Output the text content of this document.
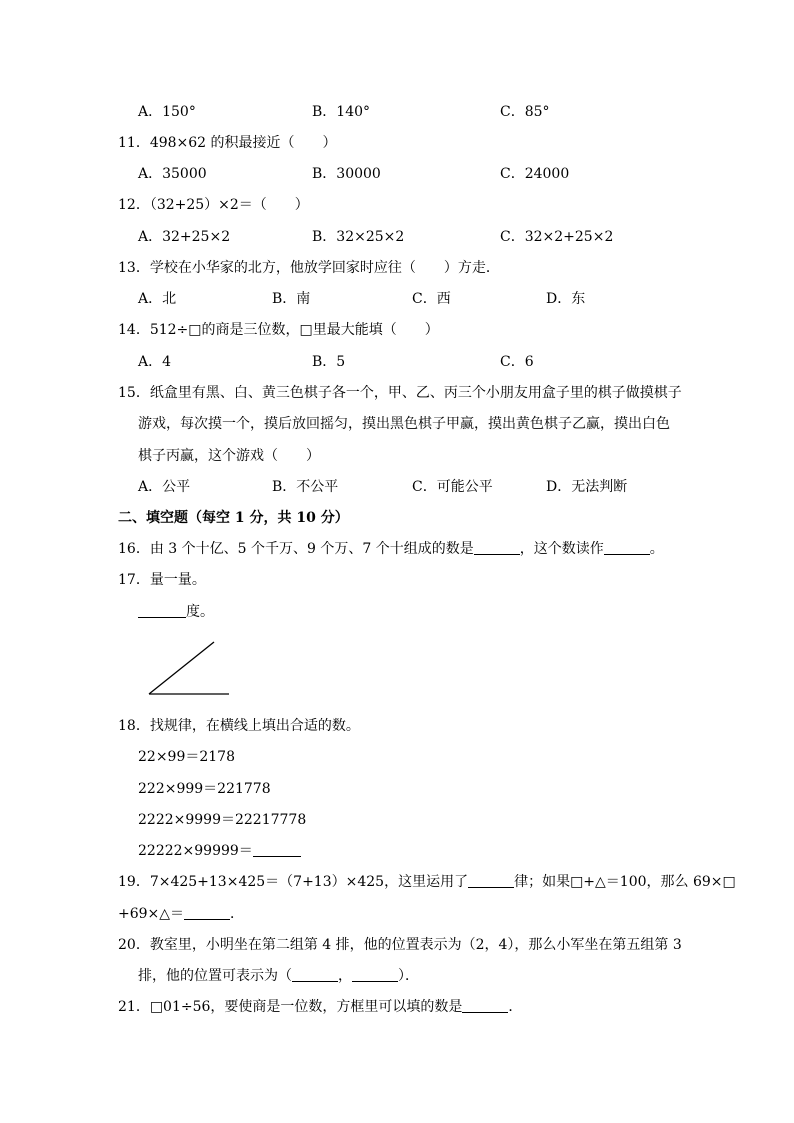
A．150°	B．140°	C．85°
11．498×62 的积最接近（　　）
A．35000	B．30000	C．24000
12．（32+25）×2＝（　　）
A．32+25×2	B．32×25×2	C．32×2+25×2
13．学校在小华家的北方，他放学回家时应往（　　）方走．
A．北	B．南	C．西	D．东
14．512÷□的商是三位数，□里最大能填（　　）
A．4	B．5	C．6
15．纸盒里有黑、白、黄三色棋子各一个，甲、乙、丙三个小朋友用盒子里的棋子做摸棋子
游戏，每次摸一个，摸后放回摇匀，摸出黑色棋子甲赢，摸出黄色棋子乙赢，摸出白色
棋子丙赢，这个游戏（　　）
A．公平	B．不公平	C．可能公平	D．无法判断
二、填空题（每空 1 分，共 10 分）
16．由 3 个十亿、5 个千万、9 个万、7 个十组成的数是	，这个数读作	。
17．量一量。
度。
18．找规律，在横线上填出合适的数。
22×99＝2178
222×999＝221778
2222×9999＝22217778
22222×99999＝
19．7×425+13×425＝（7+13）×425，这里运用了	律；如果□+△＝100，那么 69×□
+69×△＝	．
20．教室里，小明坐在第二组第 4 排，他的位置表示为（2，4），那么小军坐在第五组第 3
排，他的位置可表示为（	，	）．
21．□01÷56，要使商是一位数，方框里可以填的数是	．
